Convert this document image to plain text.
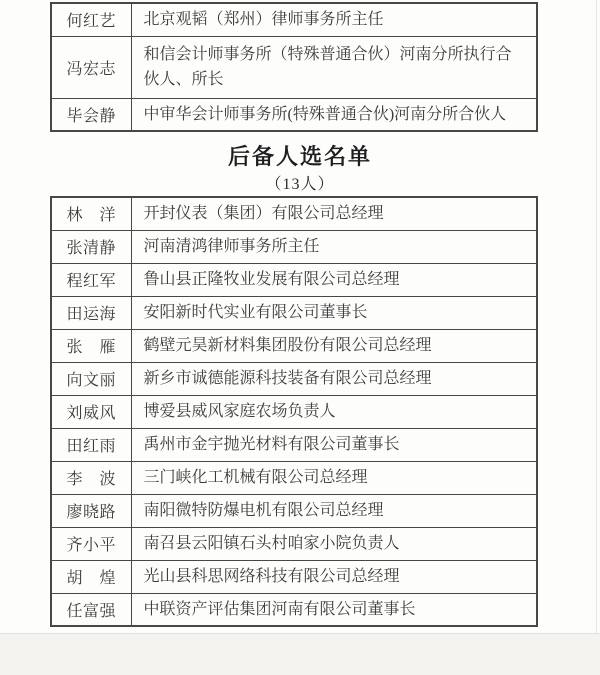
何红艺	北京观韬（郑州）律师事务所主任
冯宏志	和信会计师事务所（特殊普通合伙）河南分所执行合伙人、所长
毕会静	中审华会计师事务所(特殊普通合伙)河南分所合伙人
后备人选名单
（13人）
林　洋	开封仪表（集团）有限公司总经理
张清静	河南清鸿律师事务所主任
程红军	鲁山县正隆牧业发展有限公司总经理
田运海	安阳新时代实业有限公司董事长
张　雁	鹤壁元昊新材料集团股份有限公司总经理
向文丽	新乡市诚德能源科技装备有限公司总经理
刘威风	博爱县威风家庭农场负责人
田红雨	禹州市金宇抛光材料有限公司董事长
李　波	三门峡化工机械有限公司总经理
廖晓路	南阳微特防爆电机有限公司总经理
齐小平	南召县云阳镇石头村咱家小院负责人
胡　煌	光山县科思网络科技有限公司总经理
任富强	中联资产评估集团河南有限公司董事长
